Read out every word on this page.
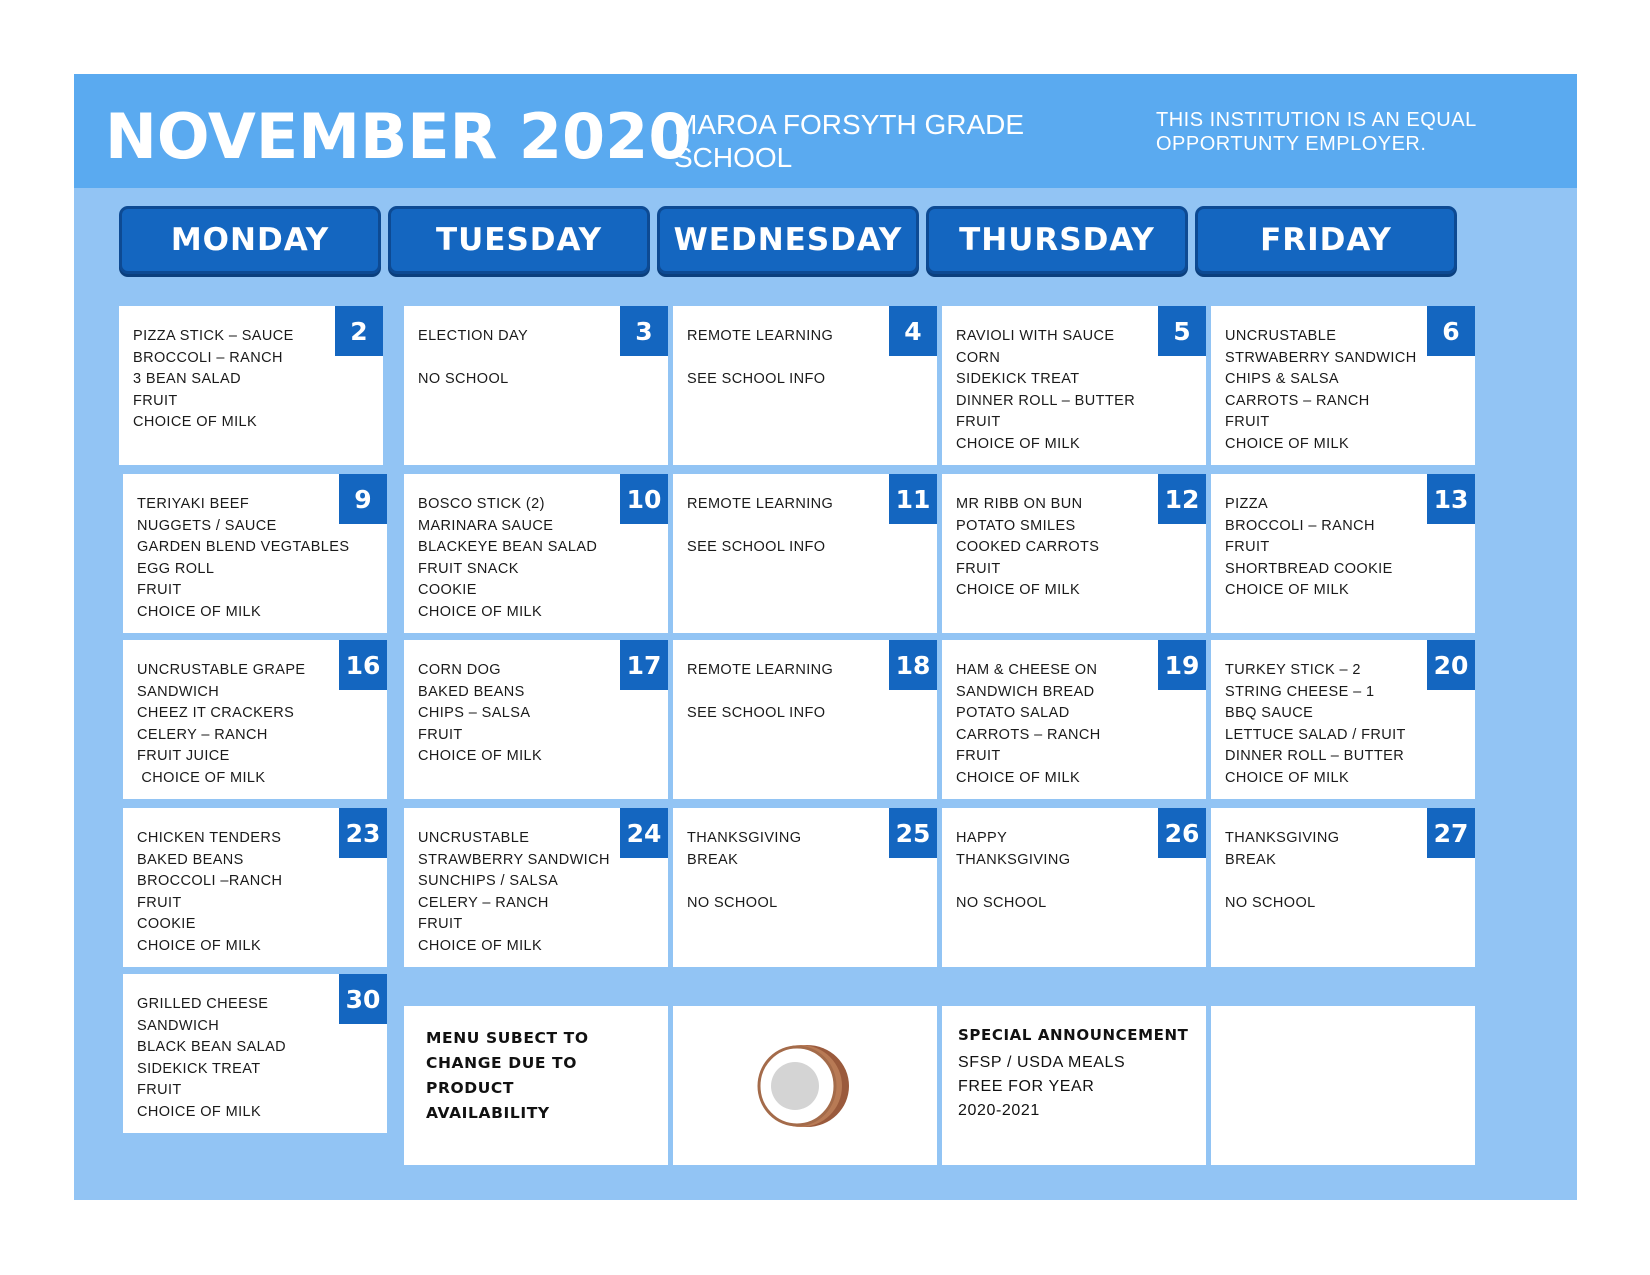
NOVEMBER 2020
MAROA FORSYTH GRADE SCHOOL
THIS INSTITUTION IS AN EQUAL OPPORTUNTY EMPLOYER.
MONDAY	TUESDAY	WEDNESDAY	THURSDAY	FRIDAY
2
PIZZA STICK – SAUCE
BROCCOLI – RANCH
3 BEAN SALAD
FRUIT
CHOICE OF MILK
3
ELECTION DAY
NO SCHOOL
4
REMOTE LEARNING
SEE SCHOOL INFO
5
RAVIOLI WITH SAUCE
CORN
SIDEKICK TREAT
DINNER ROLL – BUTTER
FRUIT
CHOICE OF MILK
6
UNCRUSTABLE
STRWABERRY SANDWICH
CHIPS & SALSA
CARROTS – RANCH
FRUIT
CHOICE OF MILK
9
TERIYAKI BEEF
NUGGETS / SAUCE
GARDEN BLEND VEGTABLES
EGG ROLL
FRUIT
CHOICE OF MILK
10
BOSCO STICK (2)
MARINARA SAUCE
BLACKEYE BEAN SALAD
FRUIT SNACK
COOKIE
CHOICE OF MILK
11
REMOTE LEARNING
SEE SCHOOL INFO
12
MR RIBB ON BUN
POTATO SMILES
COOKED CARROTS
FRUIT
CHOICE OF MILK
13
PIZZA
BROCCOLI – RANCH
FRUIT
SHORTBREAD COOKIE
CHOICE OF MILK
16
UNCRUSTABLE GRAPE
SANDWICH
CHEEZ IT CRACKERS
CELERY – RANCH
FRUIT JUICE
CHOICE OF MILK
17
CORN DOG
BAKED BEANS
CHIPS – SALSA
FRUIT
CHOICE OF MILK
18
REMOTE LEARNING
SEE SCHOOL INFO
19
HAM & CHEESE ON
SANDWICH BREAD
POTATO SALAD
CARROTS – RANCH
FRUIT
CHOICE OF MILK
20
TURKEY STICK – 2
STRING CHEESE – 1
BBQ SAUCE
LETTUCE SALAD / FRUIT
DINNER ROLL – BUTTER
CHOICE OF MILK
23
CHICKEN TENDERS
BAKED BEANS
BROCCOLI –RANCH
FRUIT
COOKIE
CHOICE OF MILK
24
UNCRUSTABLE
STRAWBERRY SANDWICH
SUNCHIPS / SALSA
CELERY – RANCH
FRUIT
CHOICE OF MILK
25
THANKSGIVING
BREAK
NO SCHOOL
26
HAPPY
THANKSGIVING
NO SCHOOL
27
THANKSGIVING
BREAK
NO SCHOOL
30
GRILLED CHEESE
SANDWICH
BLACK BEAN SALAD
SIDEKICK TREAT
FRUIT
CHOICE OF MILK
MENU SUBECT TO
CHANGE DUE TO
PRODUCT
AVAILABILITY
SPECIAL ANNOUNCEMENT
SFSP / USDA MEALS
FREE FOR YEAR
2020-2021
